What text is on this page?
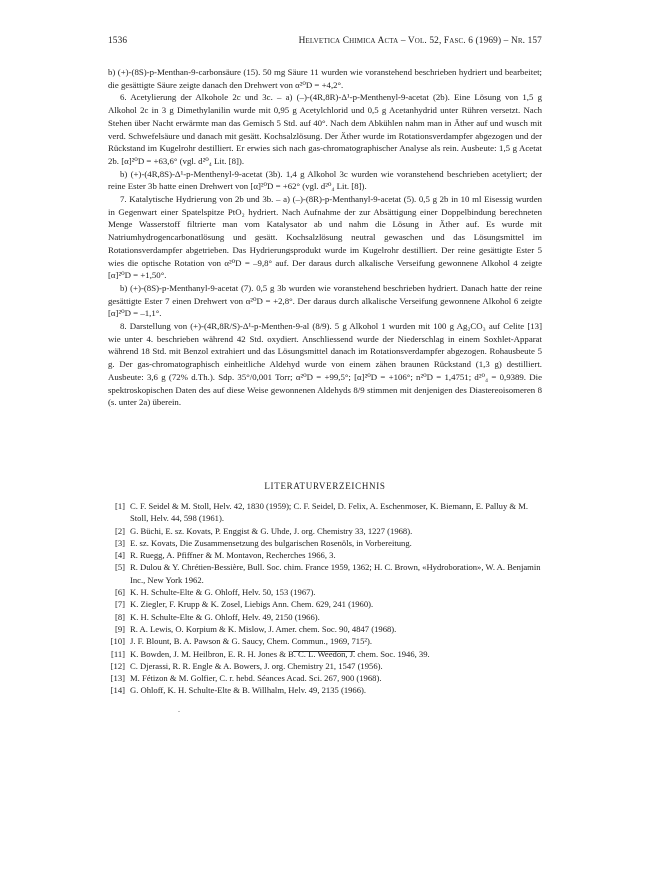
1536	Helvetica Chimica Acta – Vol. 52, Fasc. 6 (1969) – Nr. 157

b) (+)-(8S)-p-Menthan-9-carbonsäure (15). 50 mg Säure 11 wurden wie voranstehend beschrieben hydriert und bearbeitet; die gesättigte Säure zeigte danach den Drehwert von α²⁰D = +4,2°.

6. Acetylierung der Alkohole 2c und 3c. – a) (–)-(4R,8R)-Δ¹-p-Menthenyl-9-acetat (2b). Eine Lösung von 1,5 g Alkohol 2c in 3 g Dimethylanilin wurde mit 0,95 g Acetylchlorid und 0,5 g Acetanhydrid unter Rühren versetzt. Nach Stehen über Nacht erwärmte man das Gemisch 5 Std. auf 40°. Nach dem Abkühlen nahm man in Äther auf und wusch mit verd. Schwefelsäure und danach mit gesätt. Kochsalzlösung. Der Äther wurde im Rotationsverdampfer abgezogen und der Rückstand im Kugelrohr destilliert. Er erwies sich nach gas-chromatographischer Analyse als rein. Ausbeute: 1,5 g Acetat 2b. [α]²⁰D = +63,6° (vgl. d²⁰₄ Lit. [8]).

b) (+)-(4R,8S)-Δ¹-p-Menthenyl-9-acetat (3b). 1,4 g Alkohol 3c wurden wie voranstehend beschrieben acetyliert; der reine Ester 3b hatte einen Drehwert von [α]²⁰D = +62° (vgl. d²⁰₄ Lit. [8]).

7. Katalytische Hydrierung von 2b und 3b. – a) (–)-(8R)-p-Menthanyl-9-acetat (5). 0,5 g 2b in 10 ml Eisessig wurden in Gegenwart einer Spatelspitze PtO₂ hydriert. Nach Aufnahme der zur Absättigung einer Doppelbindung berechneten Menge Wasserstoff filtrierte man vom Katalysator ab und nahm die Lösung in Äther auf. Es wurde mit Natriumhydrogencarbonatlösung und gesätt. Kochsalzlösung neutral gewaschen und das Lösungsmittel im Rotationsverdampfer abgetrieben. Das Hydrierungsprodukt wurde im Kugelrohr destilliert. Der reine gesättigte Ester 5 wies die optische Rotation von α²⁰D = –9,8° auf. Der daraus durch alkalische Verseifung gewonnene Alkohol 4 zeigte [α]²⁰D = +1,50°.

b) (+)-(8S)-p-Menthanyl-9-acetat (7). 0,5 g 3b wurden wie voranstehend beschrieben hydriert. Danach hatte der reine gesättigte Ester 7 einen Drehwert von α²⁰D = +2,8°. Der daraus durch alkalische Verseifung gewonnene Alkohol 6 zeigte [α]²⁰D = –1,1°.

8. Darstellung von (+)-(4R,8R/S)-Δ¹-p-Menthen-9-al (8/9). 5 g Alkohol 1 wurden mit 100 g Ag₂CO₃ auf Celite [13] wie unter 4. beschrieben während 42 Std. oxydiert. Anschliessend wurde der Niederschlag in einem Soxhlet-Apparat während 18 Std. mit Benzol extrahiert und das Lösungsmittel danach im Rotationsverdampfer abgezogen. Rohausbeute 5 g. Der gas-chromatographisch einheitliche Aldehyd wurde von einem zähen braunen Rückstand (1,3 g) destilliert. Ausbeute: 3,6 g (72% d.Th.). Sdp. 35°/0,001 Torr; α²⁰D = +99,5°; [α]²⁰D = +106°; n²⁰D = 1,4751; d²⁰₄ = 0,9389. Die spektroskopischen Daten des auf diese Weise gewonnenen Aldehyds 8/9 stimmen mit denjenigen des Diastereoisomeren 8 (s. unter 2a) überein.

LITERATURVERZEICHNIS
[1] C. F. Seidel & M. Stoll, Helv. 42, 1830 (1959); C. F. Seidel, D. Felix, A. Eschenmoser, K. Biemann, E. Palluy & M. Stoll, Helv. 44, 598 (1961).
[2] G. Büchi, E. sz. Kovats, P. Enggist & G. Uhde, J. org. Chemistry 33, 1227 (1968).
[3] E. sz. Kovats, Die Zusammensetzung des bulgarischen Rosenöls, in Vorbereitung.
[4] R. Ruegg, A. Pfiffner & M. Montavon, Recherches 1966, 3.
[5] R. Dulou & Y. Chrétien-Bessière, Bull. Soc. chim. France 1959, 1362; H. C. Brown, «Hydroboration», W. A. Benjamin Inc., New York 1962.
[6] K. H. Schulte-Elte & G. Ohloff, Helv. 50, 153 (1967).
[7] K. Ziegler, F. Krupp & K. Zosel, Liebigs Ann. Chem. 629, 241 (1960).
[8] K. H. Schulte-Elte & G. Ohloff, Helv. 49, 2150 (1966).
[9] R. A. Lewis, O. Korpium & K. Mislow, J. Amer. chem. Soc. 90, 4847 (1968).
[10] J. F. Blount, B. A. Pawson & G. Saucy, Chem. Commun., 1969, 715²).
[11] K. Bowden, J. M. Heilbron, E. R. H. Jones & B. C. L. Weedon, J. chem. Soc. 1946, 39.
[12] C. Djerassi, R. R. Engle & A. Bowers, J. org. Chemistry 21, 1547 (1956).
[13] M. Fétizon & M. Golfier, C. r. hebd. Séances Acad. Sci. 267, 900 (1968).
[14] G. Ohloff, K. H. Schulte-Elte & B. Willhalm, Helv. 49, 2135 (1966).
